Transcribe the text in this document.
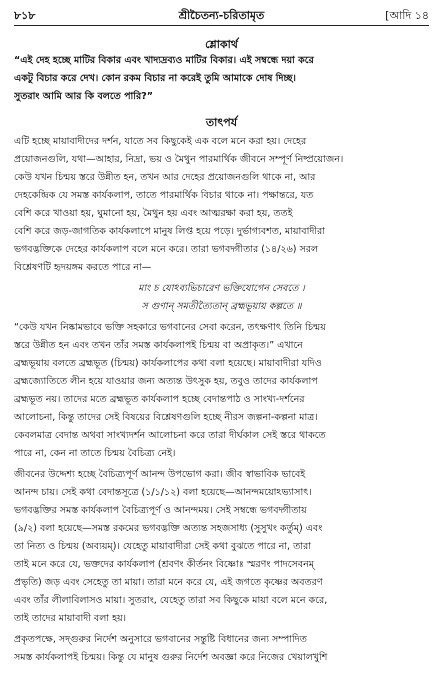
৮১৮	শ্রীচৈতন্য-চরিতামৃত	[আদি ১৪
শ্লোকার্থ
“এই দেহ হচ্ছে মাটির বিকার এবং খাদ্যদ্রব্যও মাটির বিকার। এই সম্বন্ধে দয়া করে
একটু বিচার করে দেখ। কোন রকম বিচার না করেই তুমি আমাকে দোষ দিচ্ছ।
সুতরাং আমি আর কি বলতে পারি?”
তাৎপর্য
এটি হচ্ছে মায়াবাদীদের দর্শন, যাতে সব কিছুকেই এক বলে মনে করা হয়। দেহের
প্রয়োজনগুলি, যথা—আহার, নিদ্রা, ভয় ও মৈথুন পারমার্থিক জীবনে সম্পূর্ণ নিষ্প্রয়োজন।
কেউ যখন চিন্ময় স্তরে উন্নীত হন, তখন আর দেহের প্রয়োজনগুলি থাকে না, আর
দেহকেন্দ্রিক যে সমস্ত কার্যকলাপ, তাতে পারমার্থিক বিচার থাকে না। পক্ষান্তরে, যত
বেশি করে খাওয়া হয়, ঘুমানো হয়, মৈথুন হয় এবং আত্মরক্ষা করা হয়, ততই
বেশি করে জড়-জাগতিক কার্যকলাপে মানুষ লিপ্ত হয়ে পড়ে। দুর্ভাগ্যবশত, মায়াবাদীরা
ভগবদ্ভক্তিকে দেহের কার্যকলাপ বলে মনে করে। তারা ভগবদ্গীতার (১৪/২৬) সরল
বিশ্লেষণটি হৃদয়ঙ্গম করতে পারে না—
মাং চ যোঽব্যভিচারেণ ভক্তিযোগেন সেবতে ।
স গুণান্ সমতীত্যৈতান্ ব্রহ্মভূয়ায় কল্পতে ॥
“কেউ যখন নিষ্কামভাবে ভক্তি সহকারে ভগবানের সেবা করেন, তৎক্ষণাৎ তিনি চিন্ময়
স্তরে উন্নীত হন এবং তখন তাঁর সমস্ত কার্যকলাপই চিন্ময় বা অপ্রাকৃত।” এখানে
ব্রহ্মভূয়ায় বলতে ব্রহ্মভূত (চিন্ময়) কার্যকলাপের কথা বলা হয়েছে। মায়াবাদীরা যদিও
ব্রহ্মজ্যোতিতে লীন হয়ে যাওয়ার জন্য অত্যন্ত উৎসুক হয়, তবুও তাদের কার্যকলাপ
ব্রহ্মভূত নয়। তাদের মতে ব্রহ্মভূত কার্যকলাপ হচ্ছে বেদান্তপাঠ ও সাংখ্য-দর্শনের
আলোচনা, কিন্তু তাদের সেই বিষয়ের বিশ্লেষণগুলি হচ্ছে নীরস জল্পনা-কল্পনা মাত্র।
কেবলমাত্র বেদান্ত অথবা সাংখ্যদর্শন আলোচনা করে তারা দীর্ঘকাল সেই স্তরে থাকতে
পারে না, কেন না তাতে চিন্ময় বৈচিত্র্য নেই।
জীবনের উদ্দেশ্য হচ্ছে বৈচিত্র্যপূর্ণ আনন্দ উপভোগ করা। জীব স্বাভাবিক ভাবেই
আনন্দ চায়। সেই কথা বেদান্তসূত্রে (১/১/১২) বলা হয়েছে—আনন্দময়োঽভ্যাসাৎ।
ভগবদ্ভক্তির সমস্ত কার্যকলাপ বৈচিত্র্যপূর্ণ ও আনন্দময়। সেই সম্বন্ধে ভগবদ্গীতায়
(৯/২) বলা হয়েছে—সমস্ত রকমের ভগবদ্ভক্তি অত্যন্ত সহজসাধ্য (সুসুখং কর্তুম্) এবং
তা নিত্য ও চিন্ময় (অব্যয়ম্)। যেহেতু মায়াবাদীরা সেই কথা বুঝতে পারে না, তারা
তাই মনে করে যে, ভক্তদের কার্যকলাপ (শ্রবণং কীর্তনং বিষ্ণোঃ স্মরণং পাদসেবনম্
প্রভৃতি) জড় এবং সেহেতু তা মায়া। তারা মনে করে যে, এই জগতে কৃষ্ণের অবতরণ
এবং তাঁর লীলাবিলাসও মায়া। সুতরাং, যেহেতু তারা সব কিছুকে মায়া বলে মনে করে,
তাই তাদের মায়াবাদী বলা হয়।
প্রকৃতপক্ষে, সদ্গুরুর নির্দেশ অনুসারে ভগবানের সন্তুষ্টি বিধানের জন্য সম্পাদিত
সমস্ত কার্যকলাপই চিন্ময়। কিন্তু যে মানুষ গুরুর নির্দেশ অবজ্ঞা করে নিজের খেয়ালখুশি
